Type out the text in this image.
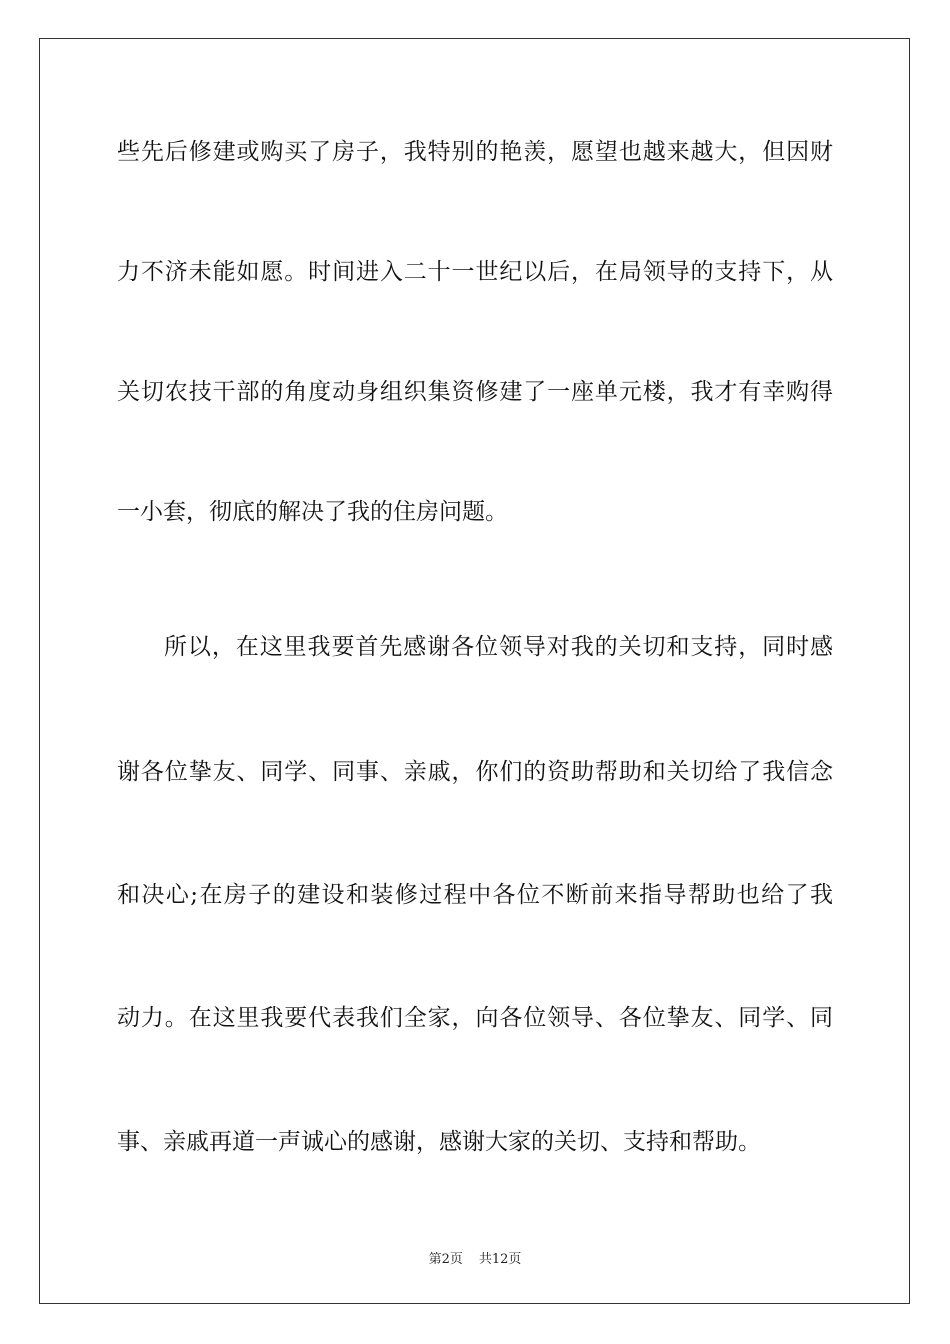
些先后修建或购买了房子，我特别的艳羡，愿望也越来越大，但因财
力不济未能如愿。时间进入二十一世纪以后，在局领导的支持下，从
关切农技干部的角度动身组织集资修建了一座单元楼，我才有幸购得
一小套，彻底的解决了我的住房问题。
所以，在这里我要首先感谢各位领导对我的关切和支持，同时感
谢各位挚友、同学、同事、亲戚，你们的资助帮助和关切给了我信念
和决心;在房子的建设和装修过程中各位不断前来指导帮助也给了我
动力。在这里我要代表我们全家，向各位领导、各位挚友、同学、同
事、亲戚再道一声诚心的感谢，感谢大家的关切、支持和帮助。
第2页 共12页
